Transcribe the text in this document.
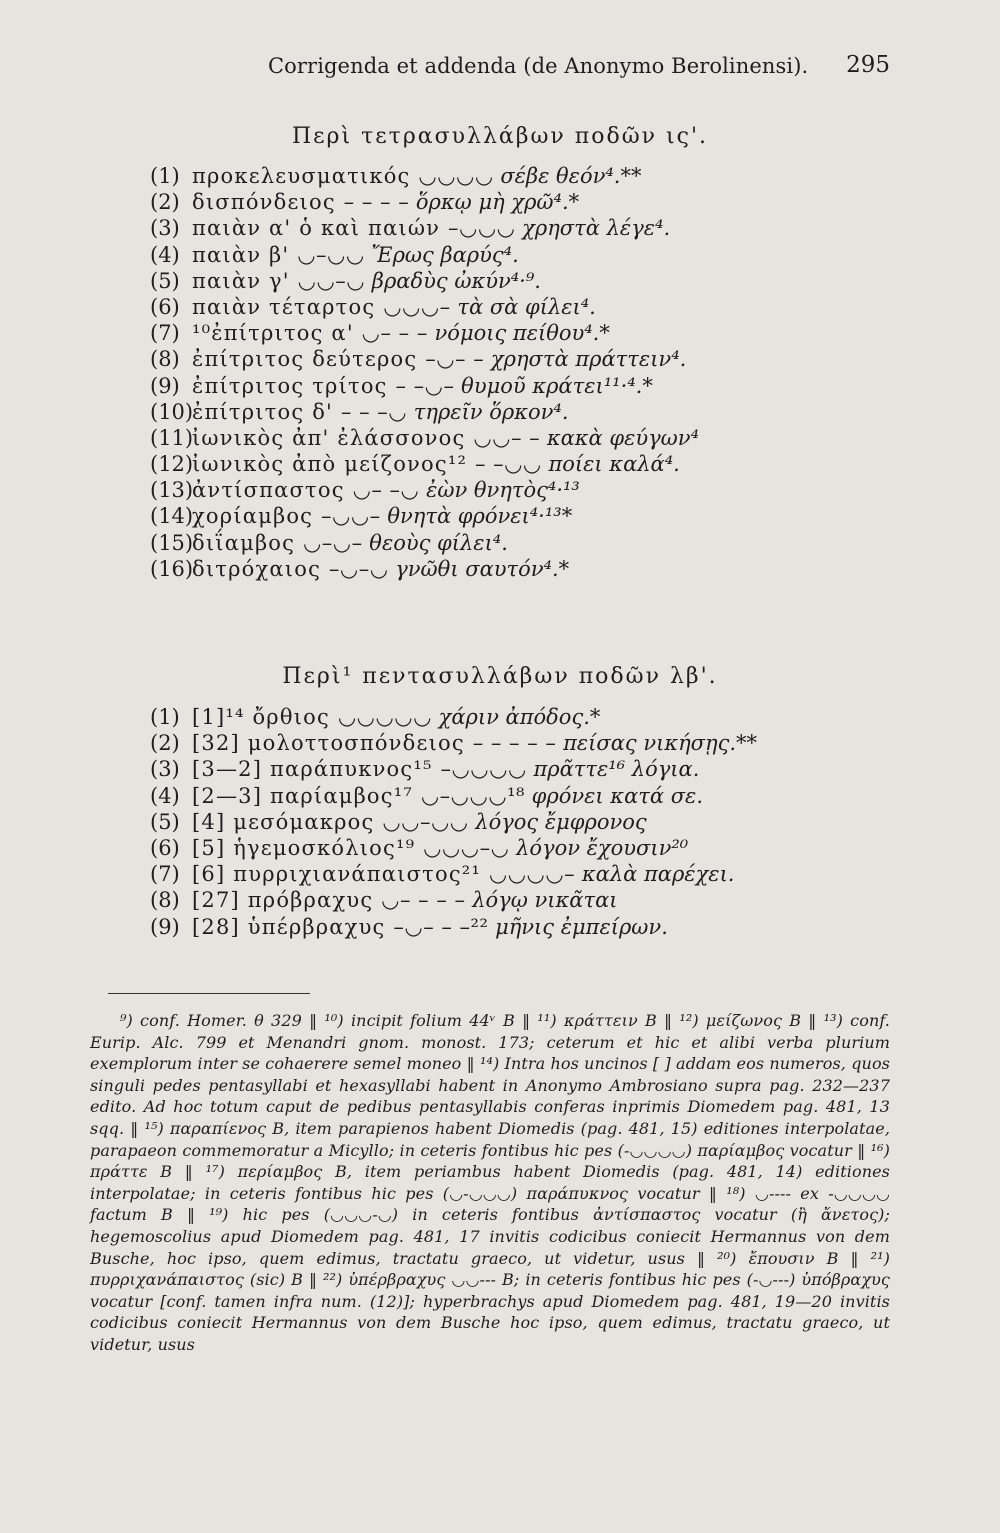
Corrigenda et addenda (de Anonymo Berolinensi). 295
Περὶ τετρασυλλάβων ποδῶν ις'.
(1) προκελευσματικός ◡◡◡◡ σέβε θεόν⁴.**
(2) δισπόνδειος – – – – ὅρκῳ μὴ χρῶ⁴.*
(3) παιὰν α' ὁ καὶ παιών –◡◡◡ χρηστὰ λέγε⁴.
(4) παιὰν β' ◡–◡◡ Ἔρως βαρύς⁴.
(5) παιὰν γ' ◡◡–◡ βραδὺς ὠκύν⁴·⁹.
(6) παιὰν τέταρτος ◡◡◡– τὰ σὰ φίλει⁴.
(7) ¹⁰ἐπίτριτος α' ◡– – – νόμοις πείθου⁴.*
(8) ἐπίτριτος δεύτερος –◡– – χρηστὰ πράττειν⁴.
(9) ἐπίτριτος τρίτος – –◡– θυμοῦ κράτει¹¹·⁴.*
(10)ἐπίτριτος δ' – – –◡ τηρεῖν ὅρκον⁴.
(11)ἰωνικὸς ἀπ' ἐλάσσονος ◡◡– – κακὰ φεύγων⁴
(12)ἰωνικὸς ἀπὸ μείζονος¹² – –◡◡ ποίει καλά⁴.
(13)ἀντίσπαστος ◡– –◡ ἐὼν θνητὸς⁴·¹³
(14)χορίαμβος –◡◡– θνητὰ φρόνει⁴·¹³*
(15)διΐαμβος ◡–◡– θεοὺς φίλει⁴.
(16)διτρόχαιος –◡–◡ γνῶθι σαυτόν⁴.*
Περὶ¹ πεντασυλλάβων ποδῶν λβ'.
(1) [1]¹⁴ ὄρθιος ◡◡◡◡◡ χάριν ἀπόδος.*
(2) [32] μολοττοσπόνδειος – – – – – πείσας νικήσῃς.**
(3) [3—2] παράπυκνος¹⁵ –◡◡◡◡ πρᾶττε¹⁶ λόγια.
(4) [2—3] παρίαμβος¹⁷ ◡–◡◡◡¹⁸ φρόνει κατά σε.
(5) [4] μεσόμακρος ◡◡–◡◡ λόγος ἔμφρονος
(6) [5] ἡγεμοσκόλιος¹⁹ ◡◡◡–◡ λόγον ἔχουσιν²⁰
(7) [6] πυρριχιανάπαιστος²¹ ◡◡◡◡– καλὰ παρέχει.
(8) [27] πρόβραχυς ◡– – – – λόγῳ νικᾶται
(9) [28] ὑπέρβραχυς –◡– – –²² μῆνις ἐμπείρων.
⁹) conf. Homer. θ 329 ‖ ¹⁰) incipit folium 44ᵛ B ‖ ¹¹) κράττειν B ‖ ¹²) μείζωνος B ‖ ¹³) conf. Eurip. Alc. 799 et Menandri gnom. monost. 173; ceterum et hic et alibi verba plurium exemplorum inter se cohaerere semel moneo ‖ ¹⁴) Intra hos uncinos [ ] addam eos numeros, quos singuli pedes pentasyllabi et hexasyllabi habent in Anonymo Ambrosiano supra pag. 232—237 edito. Ad hoc totum caput de pedibus pentasyllabis conferas inprimis Diomedem pag. 481, 13 sqq. ‖ ¹⁵) παραπίενος B, item parapienos habent Diomedis (pag. 481, 15) editiones interpolatae, parapaeon commemoratur a Micyllo; in ceteris fontibus hic pes (-◡◡◡◡) παρίαμβος vocatur ‖ ¹⁶) πράττε B ‖ ¹⁷) περίαμβος B, item periambus habent Diomedis (pag. 481, 14) editiones interpolatae; in ceteris fontibus hic pes (◡-◡◡◡) παράπυκνος vocatur ‖ ¹⁸) ◡---- ex -◡◡◡◡ factum B ‖ ¹⁹) hic pes (◡◡◡-◡) in ceteris fontibus ἀντίσπαστος vocatur (ἢ ἄνετος); hegemoscolius apud Diomedem pag. 481, 17 invitis codicibus coniecit Hermannus von dem Busche, hoc ipso, quem edimus, tractatu graeco, ut videtur, usus ‖ ²⁰) ἔπουσιν B ‖ ²¹) πυρριχανάπαιστος (sic) B ‖ ²²) ὑπέρβραχυς ◡◡--- B; in ceteris fontibus hic pes (-◡---) ὑπόβραχυς vocatur [conf. tamen infra num. (12)]; hyperbrachys apud Diomedem pag. 481, 19—20 invitis codicibus coniecit Hermannus von dem Busche hoc ipso, quem edimus, tractatu graeco, ut videtur, usus
